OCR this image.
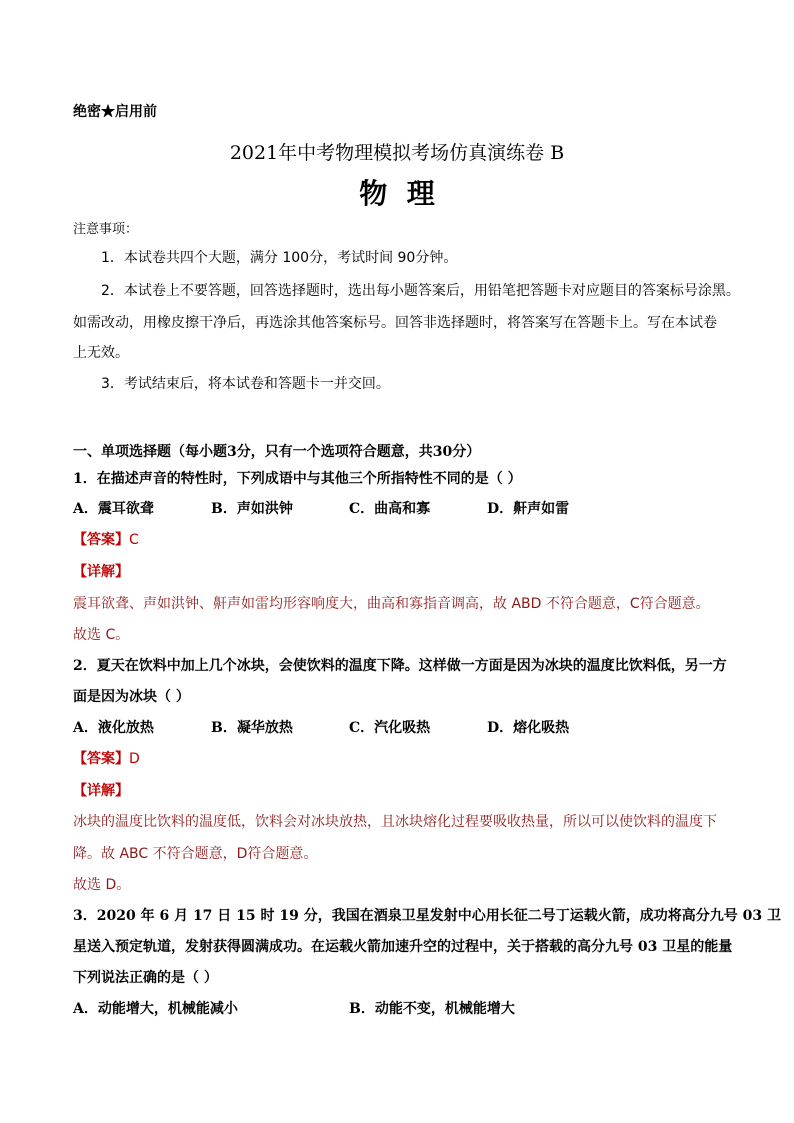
绝密★启用前
2021年中考物理模拟考场仿真演练卷 B
物  理
注意事项：
1．本试卷共四个大题，满分 100分，考试时间 90分钟。
2．本试卷上不要答题，回答选择题时，选出每小题答案后，用铅笔把答题卡对应题目的答案标号涂黑。
如需改动，用橡皮擦干净后，再选涂其他答案标号。回答非选择题时，将答案写在答题卡上。写在本试卷
上无效。
3．考试结束后，将本试卷和答题卡一并交回。
一、单项选择题（每小题3分，只有一个选项符合题意，共30分）
1．在描述声音的特性时，下列成语中与其他三个所指特性不同的是（ ）
A．震耳欲聋	B．声如洪钟	C．曲高和寡	D．鼾声如雷
【答案】C
【详解】
震耳欲聋、声如洪钟、鼾声如雷均形容响度大，曲高和寡指音调高，故 ABD 不符合题意，C符合题意。
故选 C。
2．夏天在饮料中加上几个冰块，会使饮料的温度下降。这样做一方面是因为冰块的温度比饮料低，另一方
面是因为冰块（ ）
A．液化放热	B．凝华放热	C．汽化吸热	D．熔化吸热
【答案】D
【详解】
冰块的温度比饮料的温度低，饮料会对冰块放热，且冰块熔化过程要吸收热量，所以可以使饮料的温度下
降。故 ABC 不符合题意，D符合题意。
故选 D。
3．2020 年 6 月 17 日 15 时 19 分，我国在酒泉卫星发射中心用长征二号丁运载火箭，成功将高分九号 03 卫
星送入预定轨道，发射获得圆满成功。在运载火箭加速升空的过程中，关于搭载的高分九号 03 卫星的能量
下列说法正确的是（ ）
A．动能增大，机械能减小	B．动能不变，机械能增大
